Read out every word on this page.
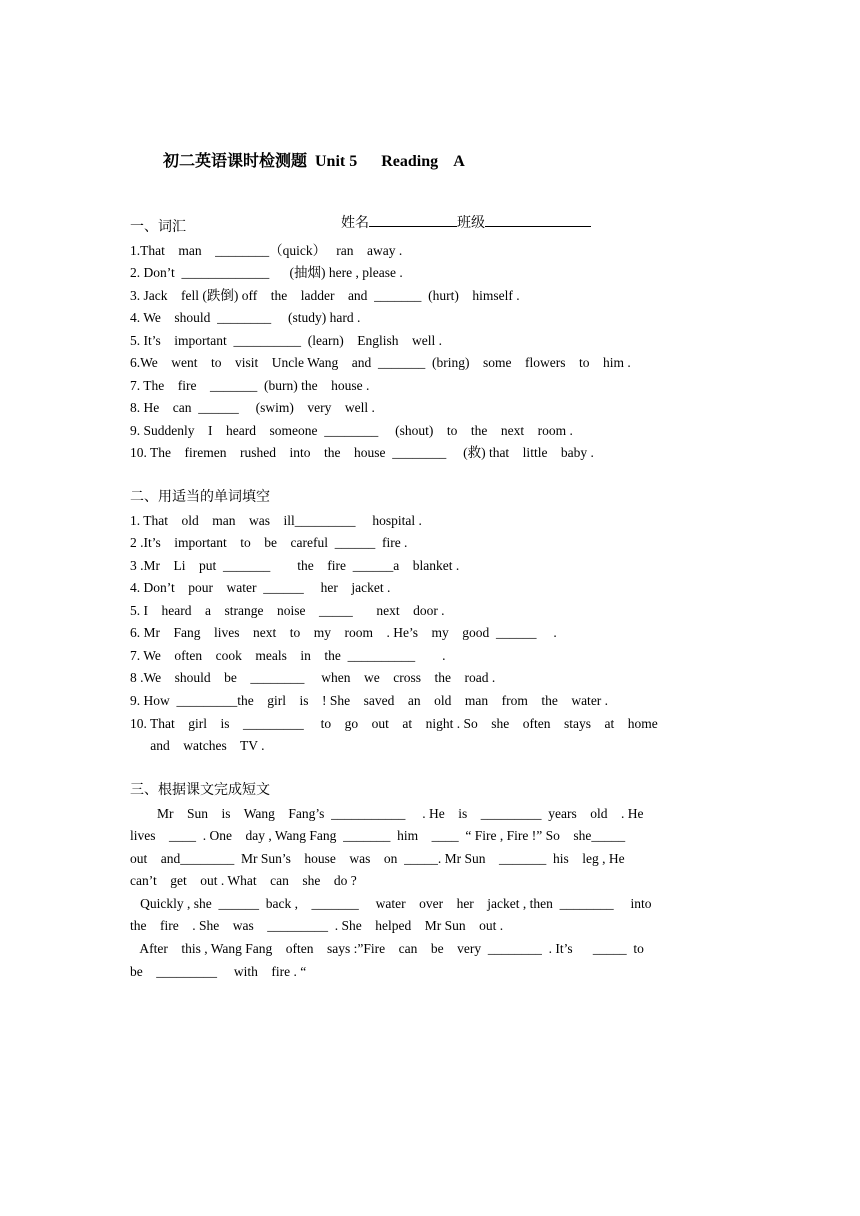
初二英语课时检测题  Unit 5      Reading    A

姓名	班级

一、词汇
1.That    man    ________（quick）   ran    away .
2. Don’t  _____________      (抽烟) here , please .
3. Jack    fell (跌倒) off    the    ladder    and  _______  (hurt)    himself .
4. We    should  ________     (study) hard .
5. It’s    important  __________  (learn)    English    well .
6.We    went    to    visit    Uncle Wang    and  _______  (bring)    some    flowers    to    him .
7. The    fire    _______  (burn) the    house .
8. He    can  ______     (swim)    very    well .
9. Suddenly    I    heard    someone  ________     (shout)    to    the    next    room .
10. The    firemen    rushed    into    the    house  ________     (救) that    little    baby .
二、用适当的单词填空
1. That    old    man    was    ill_________     hospital .
2 .It’s    important    to    be    careful  ______  fire .
3 .Mr    Li    put  _______        the    fire  ______a    blanket .
4. Don’t    pour    water  ______     her    jacket .
5. I    heard    a    strange    noise    _____       next    door .
6. Mr    Fang    lives    next    to    my    room    . He’s    my    good  ______     .
7. We    often    cook    meals    in    the  __________        .
8 .We    should    be    ________     when    we    cross    the    road .
9. How  _________the    girl    is    ! She    saved    an    old    man    from    the    water .
10. That    girl    is    _________     to    go    out    at    night . So    she    often    stays    at    home
and    watches    TV .
三、根据课文完成短文
Mr    Sun    is    Wang    Fang’s  ___________     . He    is    _________  years    old    . He
lives    ____  . One    day , Wang Fang  _______  him    ____  “ Fire , Fire !” So    she_____
out    and________  Mr Sun’s    house    was    on  _____. Mr Sun    _______  his    leg , He
can’t    get    out . What    can    she    do ?
Quickly , she  ______  back ,    _______     water    over    her    jacket , then  ________     into
the    fire    . She    was    _________  . She    helped    Mr Sun    out .
After    this , Wang Fang    often    says :”Fire    can    be    very  ________  . It’s      _____  to
be    _________     with    fire . “
